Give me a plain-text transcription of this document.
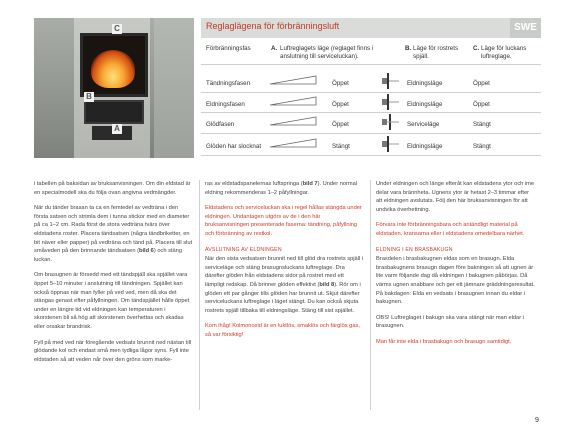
C
B
A
SWE
Reglaglägena för förbränningsluft
Förbränningsfas	A. Luftreglagets läge (reglaget finns i anslutning till serviceluckan).
B. Läge för rostrets spjäll.
C. Läge för luckans luftreglage.
Tändningsfasen	Öppet	Eldningsläge	Öppet
Eldningsfasen	Öppet	Eldningsläge	Öppet
Glödfasen	Öppet	Serviceläge	Stängt
Glöden har slocknat	Stängt	Eldningsläge	Stängt

i tabellen på baksidan av bruksanvisningen. Om din eldstad är en specialmodell ska du följa ovan angivna vedmängder.

När du tänder brasan ta ca en femtedel av vedtränа i den första satsen och strimla dem i tunna stickor med en diameter på ca 1–2 cm. Rada först de stora vedträna tvärs över eldstadens roster. Placera tändsatsen (några tändbriketter, en bit näver eller papper) på vedträna och tänd på. Placera till slut småveden på den brinnande tändsatsen (bild 6) och stäng luckan.

Om brasugnen är försedd med ett tändspjäll ska spjället vara öppet 5–10 minuter i anslutning till tändningen. Spjället kan också öppnas när man fyller på ved ved, men då ska det stängas genast efter påfyllningen. Om tändspjället hålls öppet under en längre tid vid eldningen kan temperaturen i skorstenen bli så hög att skorstenen överhettas och skadas eller orsakar brandrisk.

Fyll på med ved när föregående vedsats brunnit ned nästan till glödande kol och endast små men tydliga lågor syns. Fyll inte eldstaden så att veden når över den gröns som marke-

ras av eldstadspanelernas luftspringa (bild 7). Under normal eldning rekommenderas 1–2 påfyllningar.

Eldstadens och serviceluckan ska i regel hållas stängda under eldningen. Undantagen utgörs av de i den här bruksanvisningen presenterade faserna: tändning, påfyllning och förbränning av restkol.

AVSLUTNING AV ELDNINGEN

När den sista vedsatsen brunnit ned till glöd dra rostrets spjäll i serviceläge och stäng brasugnsluckans luftreglage. Dra därefter glöden från eldstadens sidor på rostret med ett lämpligt redskap. Då brinner glöden effektivt (bild 8). Rör om i glöden ett par gånger tills glöden har brunnit ut. Skjut därefter serviceluckans luftreglage i läget stängt. Du kan också skjuta rostrets spjäll tillbaka till eldningsläge. Stäng till sist spjället.

Kom ihåg! Kolmonoxid är en luktlös, smaklös och färglös gas, så var försiktig!

Under eldningen och länge efteråt kan eldstadens ytor och ime delar vara brännheta. Ugnens ytor är hetast 2–3 timmar efter att eldningen avslutats. Följ den här bruksanvisningen för att undvika överhettning.

Förvara inte förbränningsbara och antändligt material på eldstaden, kransarna eller i eldstadens omedelbara närhet.

ELDNING I EN BRASBAKUGN

Brasdelen i brasbakugnen eldas som en brasugn. Elda brasbakugnens brasugn dagen före bakningen så att ugnen är lite varm följande dag då eldningen i bakugnen påbörjas. Då värms ugnen snabbare och ger ett jämnare gräddningsresultat. På bakdagen: Elda en vedsats i brasugnen innan du eldar i bakugnen.

OBS! Luftreglaget i bakugn ska vara stängt när man eldar i brasugnen.

Man får inte elda i brasbakugn och brasugn samtidigt.

9
